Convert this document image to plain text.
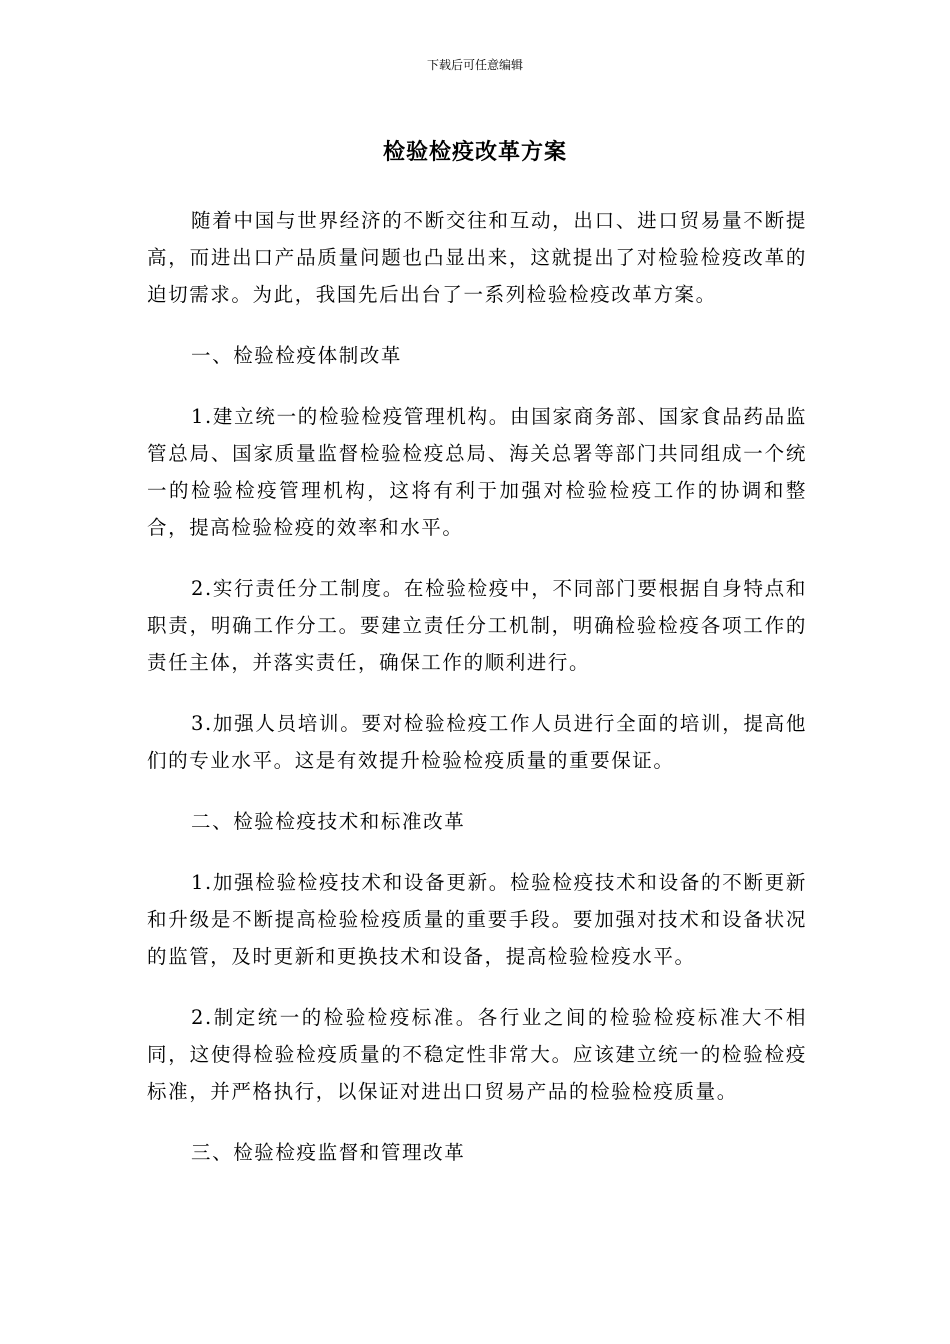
下载后可任意编辑
检验检疫改革方案

随着中国与世界经济的不断交往和互动，出口、进口贸易量不断提高，而进出口产品质量问题也凸显出来，这就提出了对检验检疫改革的迫切需求。为此，我国先后出台了一系列检验检疫改革方案。

一、检验检疫体制改革

1.建立统一的检验检疫管理机构。由国家商务部、国家食品药品监管总局、国家质量监督检验检疫总局、海关总署等部门共同组成一个统一的检验检疫管理机构，这将有利于加强对检验检疫工作的协调和整合，提高检验检疫的效率和水平。

2.实行责任分工制度。在检验检疫中，不同部门要根据自身特点和职责，明确工作分工。要建立责任分工机制，明确检验检疫各项工作的责任主体，并落实责任，确保工作的顺利进行。

3.加强人员培训。要对检验检疫工作人员进行全面的培训，提高他们的专业水平。这是有效提升检验检疫质量的重要保证。

二、检验检疫技术和标准改革

1.加强检验检疫技术和设备更新。检验检疫技术和设备的不断更新和升级是不断提高检验检疫质量的重要手段。要加强对技术和设备状况的监管，及时更新和更换技术和设备，提高检验检疫水平。

2.制定统一的检验检疫标准。各行业之间的检验检疫标准大不相同，这使得检验检疫质量的不稳定性非常大。应该建立统一的检验检疫标准，并严格执行，以保证对进出口贸易产品的检验检疫质量。

三、检验检疫监督和管理改革
